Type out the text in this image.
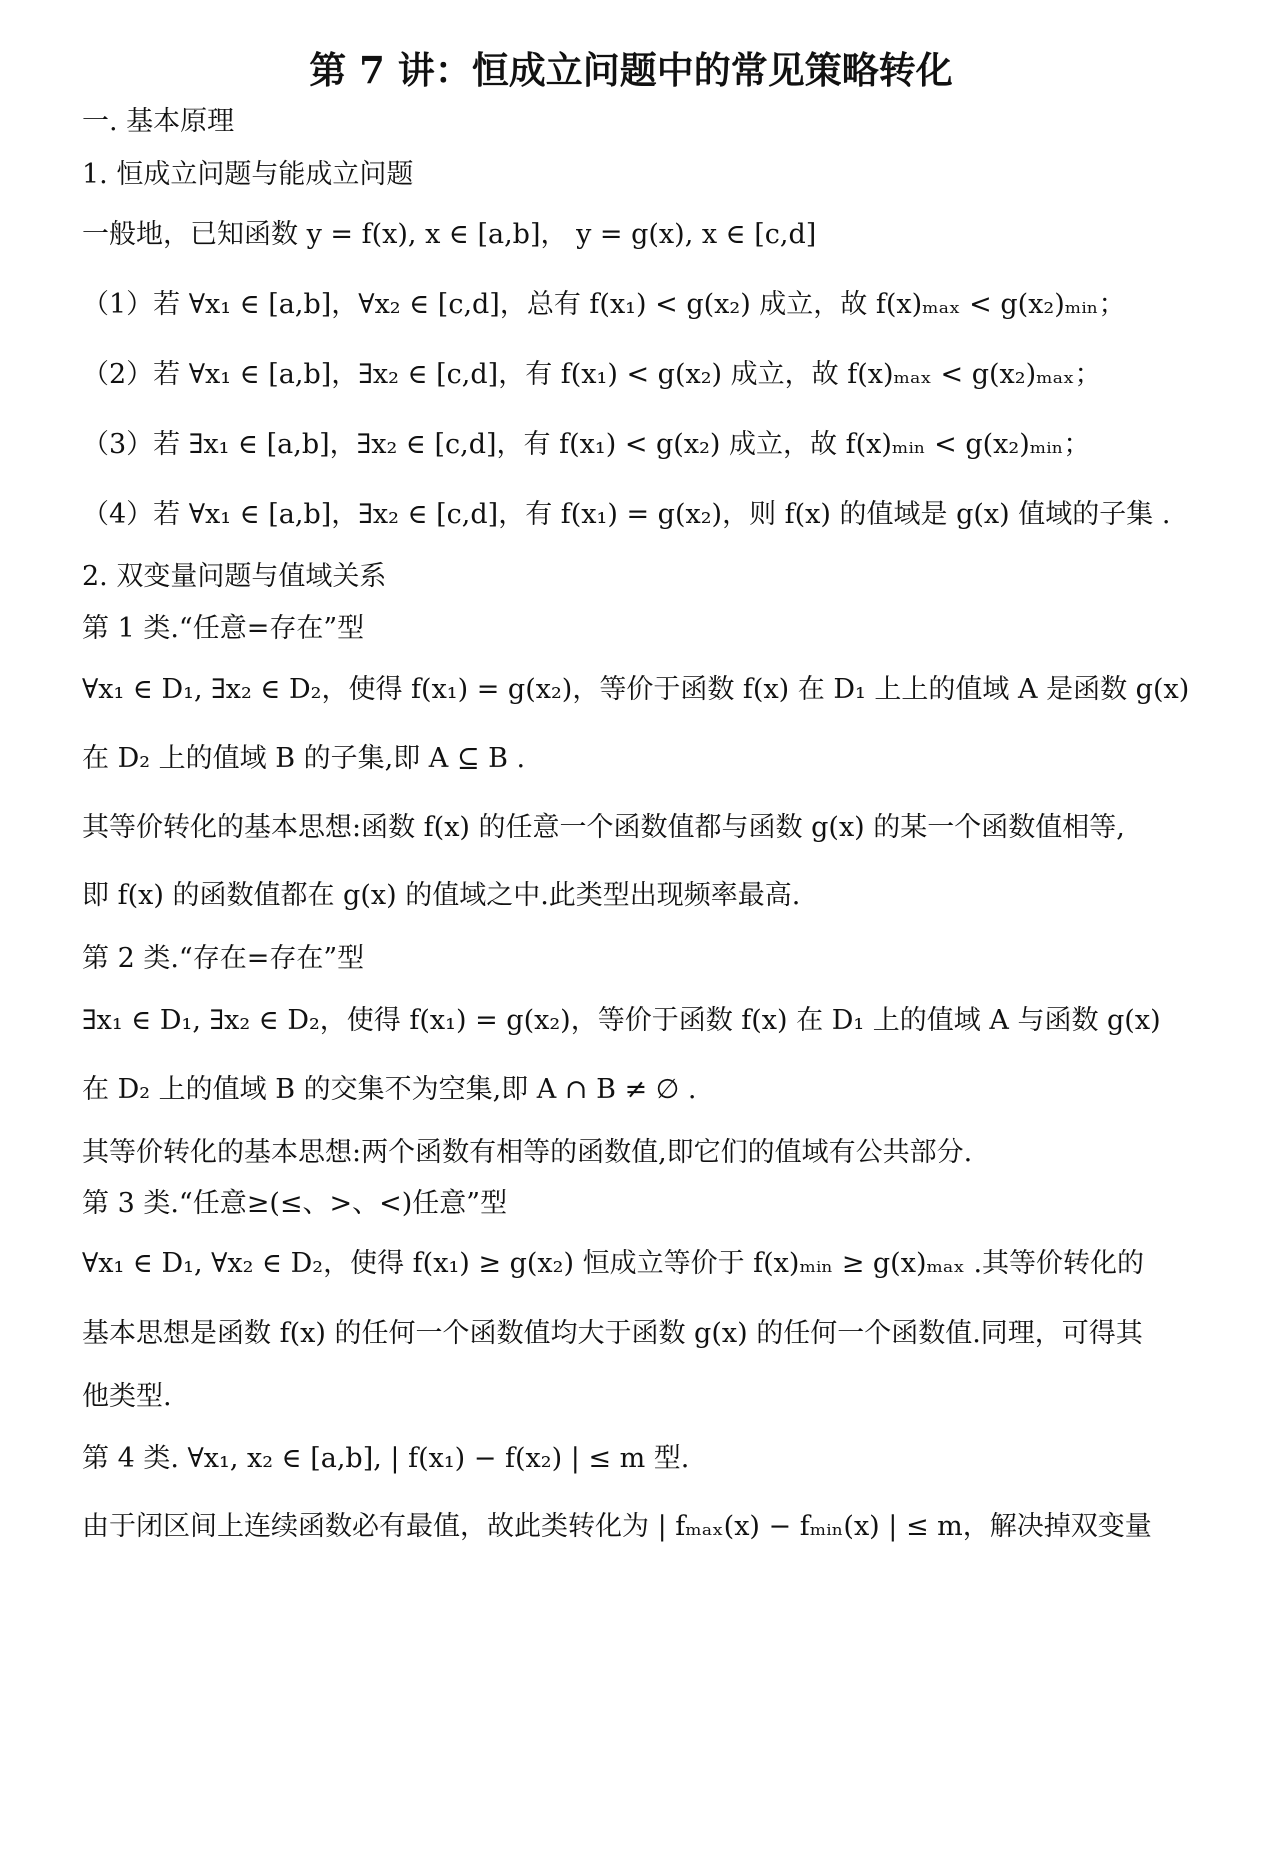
第 7 讲：恒成立问题中的常见策略转化
一. 基本原理
1. 恒成立问题与能成立问题
一般地，已知函数 y = f(x), x ∈ [a,b]， y = g(x), x ∈ [c,d]
（1）若 ∀x₁ ∈ [a,b]，∀x₂ ∈ [c,d]，总有 f(x₁) < g(x₂) 成立，故 f(x)ₘₐₓ < g(x₂)ₘᵢₙ；
（2）若 ∀x₁ ∈ [a,b]，∃x₂ ∈ [c,d]，有 f(x₁) < g(x₂) 成立，故 f(x)ₘₐₓ < g(x₂)ₘₐₓ；
（3）若 ∃x₁ ∈ [a,b]，∃x₂ ∈ [c,d]，有 f(x₁) < g(x₂) 成立，故 f(x)ₘᵢₙ < g(x₂)ₘᵢₙ；
（4）若 ∀x₁ ∈ [a,b]，∃x₂ ∈ [c,d]，有 f(x₁) = g(x₂)，则 f(x) 的值域是 g(x) 值域的子集 .
2. 双变量问题与值域关系
第 1 类.“任意=存在”型
∀x₁ ∈ D₁, ∃x₂ ∈ D₂，使得 f(x₁) = g(x₂)，等价于函数 f(x) 在 D₁ 上上的值域 A 是函数 g(x)
在 D₂ 上的值域 B 的子集,即 A ⊆ B .
其等价转化的基本思想:函数 f(x) 的任意一个函数值都与函数 g(x) 的某一个函数值相等,
即 f(x) 的函数值都在 g(x) 的值域之中.此类型出现频率最高.
第 2 类.“存在=存在”型
∃x₁ ∈ D₁, ∃x₂ ∈ D₂，使得 f(x₁) = g(x₂)，等价于函数 f(x) 在 D₁ 上的值域 A 与函数 g(x)
在 D₂ 上的值域 B 的交集不为空集,即 A ∩ B ≠ ∅ .
其等价转化的基本思想:两个函数有相等的函数值,即它们的值域有公共部分.
第 3 类.“任意≥(≤、>、<)任意”型
∀x₁ ∈ D₁, ∀x₂ ∈ D₂，使得 f(x₁) ≥ g(x₂) 恒成立等价于 f(x)ₘᵢₙ ≥ g(x)ₘₐₓ .其等价转化的
基本思想是函数 f(x) 的任何一个函数值均大于函数 g(x) 的任何一个函数值.同理，可得其
他类型.
第 4 类. ∀x₁, x₂ ∈ [a,b], | f(x₁) − f(x₂) | ≤ m 型.
由于闭区间上连续函数必有最值，故此类转化为 | fₘₐₓ(x) − fₘᵢₙ(x) | ≤ m，解决掉双变量
